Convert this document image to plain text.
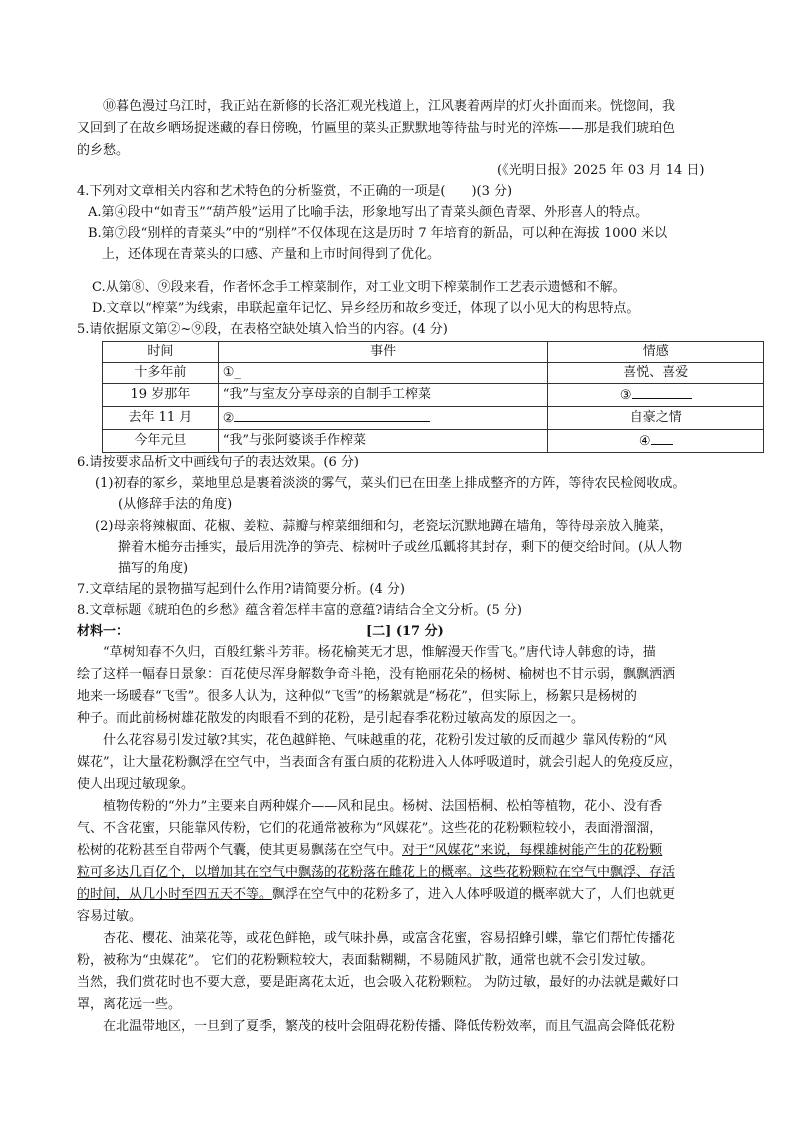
⑩暮色漫过乌江时，我正站在新修的长洛汇观光栈道上，江风裹着两岸的灯火扑面而来。恍惚间，我
又回到了在故乡晒场捉迷藏的春日傍晚，竹匾里的菜头正默默地等待盐与时光的淬炼——那是我们琥珀色
的乡愁。
(《光明日报》2025 年 03 月 14 日)
4.下列对文章相关内容和艺术特色的分析鉴赏，不正确的一项是(　　)(3 分)
A.第④段中“如青玉”“葫芦般”运用了比喻手法，形象地写出了青菜头颜色青翠、外形喜人的特点。
B.第⑦段“别样的青菜头”中的“别样”不仅体现在这是历时 7 年培育的新品，可以种在海拔 1000 米以
上，还体现在青菜头的口感、产量和上市时间得到了优化。
C.从第⑧、⑨段来看，作者怀念手工榨菜制作，对工业文明下榨菜制作工艺表示遗憾和不解。
D.文章以“榨菜”为线索，串联起童年记忆、异乡经历和故乡变迁，体现了以小见大的构思特点。
5.请依据原文第②~⑨段，在表格空缺处填入恰当的内容。(4 分)
时间	事件	情感
十多年前	①_	喜悦、喜爱
19 岁那年	“我”与室友分享母亲的自制手工榨菜	③
去年 11 月	②	自豪之情
今年元旦	“我”与张阿婆谈手作榨菜	④
6.请按要求品析文中画线句子的表达效果。(6 分)
(1)初春的冢乡，菜地里总是裹着淡淡的雾气，菜头们已在田垄上排成整齐的方阵，等待农民检阅收成。
(从修辞手法的角度)
(2)母亲将辣椒面、花椒、姜粒、蒜瓣与榨菜细细和匀，老瓷坛沉默地蹲在墙角，等待母亲放入腌菜，
擀着木槌夯击捶实，最后用洗净的笋壳、棕树叶子或丝瓜瓤将其封存，剩下的便交给时间。(从人物
描写的角度)
7.文章结尾的景物描写起到什么作用?请简要分析。(4 分)
8.文章标题《琥珀色的乡愁》蕴含着怎样丰富的意蕴?请结合全文分析。(5 分)
材料一：	[二] (17 分)
“草树知春不久归，百般红紫斗芳菲。杨花榆荚无才思，惟解漫天作雪飞。”唐代诗人韩愈的诗，描
绘了这样一幅春日景象：百花使尽浑身解数争奇斗艳，没有艳丽花朵的杨树、榆树也不甘示弱，飘飘洒洒
地来一场暖春“飞雪”。很多人认为，这种似“飞雪”的杨絮就是“杨花”，但实际上，杨絮只是杨树的
种子。而此前杨树雄花散发的肉眼看不到的花粉，是引起春季花粉过敏高发的原因之一。
什么花容易引发过敏?其实，花色越鲜艳、气味越重的花，花粉引发过敏的反而越少 靠风传粉的“风
媒花”，让大量花粉飘浮在空气中，当表面含有蛋白质的花粉进入人体呼吸道时，就会引起人的免疫反应，
使人出现过敏现象。
植物传粉的“外力”主要来自两种媒介——风和昆虫。杨树、法国梧桐、松柏等植物，花小、没有香
气、不含花蜜，只能靠风传粉，它们的花通常被称为“风媒花”。这些花的花粉颗粒较小，表面滑溜溜，
松树的花粉甚至自带两个气囊，使其更易飘荡在空气中。对于“风媒花”来说，每棵雄树能产生的花粉颗
粒可多达几百亿个，以增加其在空气中飘荡的花粉落在雌花上的概率。这些花粉颗粒在空气中飘浮、存活
的时间，从几小时至四五天不等。飘浮在空气中的花粉多了，进入人体呼吸道的概率就大了，人们也就更
容易过敏。
杏花、樱花、油菜花等，或花色鲜艳，或气味扑鼻，或富含花蜜，容易招蜂引蝶，靠它们帮忙传播花
粉，被称为“虫媒花”。 它们的花粉颗粒较大，表面黏糊糊，不易随风扩散，通常也就不会引发过敏。
当然，我们赏花时也不要大意，要是距离花太近，也会吸入花粉颗粒。 为防过敏，最好的办法就是戴好口
罩，离花远一些。
在北温带地区，一旦到了夏季，繁茂的枝叶会阻碍花粉传播、降低传粉效率，而且气温高会降低花粉
